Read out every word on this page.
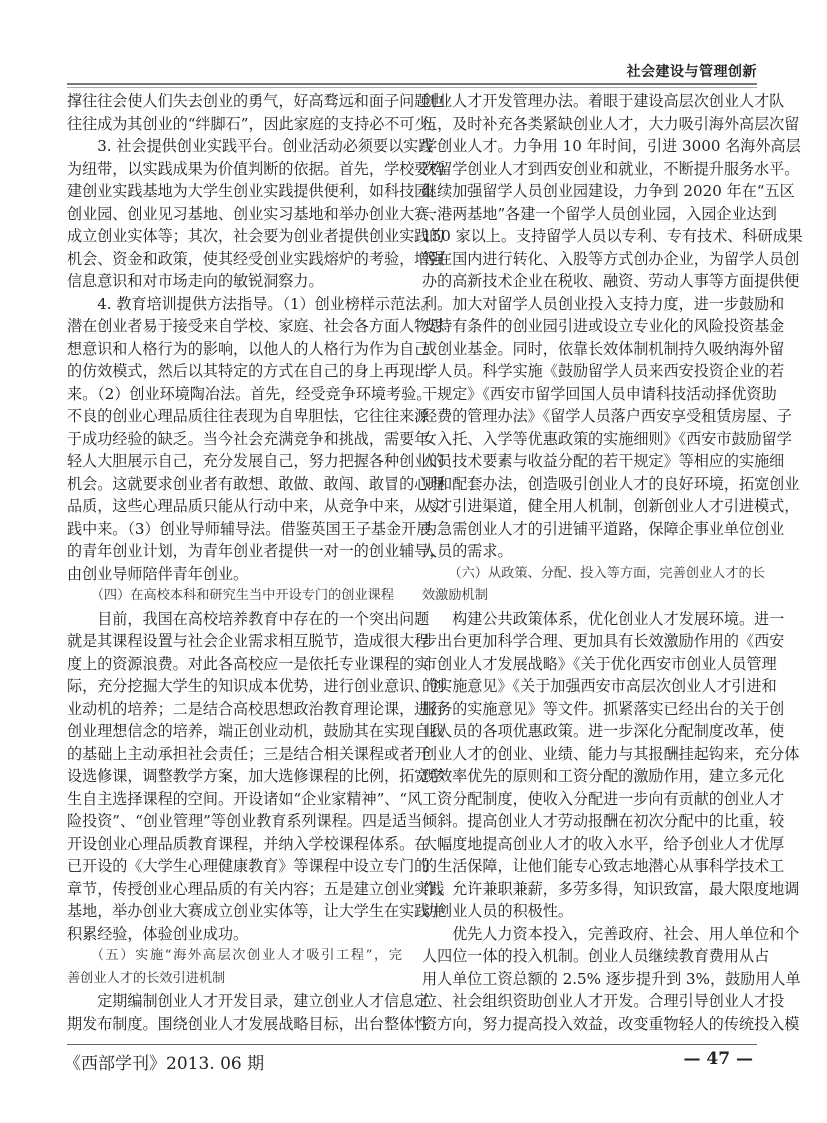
社会建设与管理创新
撑往往会使人们失去创业的勇气，好高骛远和面子问题也
往往成为其创业的“绊脚石”，因此家庭的支持必不可少。
3. 社会提供创业实践平台。创业活动必须要以实践
为纽带，以实践成果为价值判断的依据。首先，学校要构
建创业实践基地为大学生创业实践提供便利，如科技园、
创业园、创业见习基地、创业实习基地和举办创业大赛、
成立创业实体等；其次，社会要为创业者提供创业实践的
机会、资金和政策，使其经受创业实践熔炉的考验，增强
信息意识和对市场走向的敏锐洞察力。
4. 教育培训提供方法指导。（1）创业榜样示范法。
潜在创业者易于接受来自学校、家庭、社会各方面人物思
想意识和人格行为的影响，以他人的人格行为作为自己
的仿效模式，然后以其特定的方式在自己的身上再现出
来。（2）创业环境陶冶法。首先，经受竞争环境考验。
不良的创业心理品质往往表现为自卑胆怯，它往往来源
于成功经验的缺乏。当今社会充满竞争和挑战，需要年
轻人大胆展示自己，充分发展自己，努力把握各种创业的
机会。这就要求创业者有敢想、敢做、敢闯、敢冒的心理
品质，这些心理品质只能从行动中来，从竞争中来，从实
践中来。（3）创业导师辅导法。借鉴英国王子基金开展
的青年创业计划，为青年创业者提供一对一的创业辅导，
由创业导师陪伴青年创业。
（四）在高校本科和研究生当中开设专门的创业课程
目前，我国在高校培养教育中存在的一个突出问题
就是其课程设置与社会企业需求相互脱节，造成很大程
度上的资源浪费。对此各高校应一是依托专业课程的实
际，充分挖掘大学生的知识成本优势，进行创业意识、创
业动机的培养；二是结合高校思想政治教育理论课，进行
创业理想信念的培养，端正创业动机，鼓励其在实现自我
的基础上主动承担社会责任；三是结合相关课程或者开
设选修课，调整教学方案，加大选修课程的比例，拓宽学
生自主选择课程的空间。开设诸如“企业家精神”、“风
险投资”、“创业管理”等创业教育系列课程。四是适当
开设创业心理品质教育课程，并纳入学校课程体系。在
已开设的《大学生心理健康教育》等课程中设立专门的
章节，传授创业心理品质的有关内容；五是建立创业实践
基地，举办创业大赛成立创业实体等，让大学生在实践中
积累经验，体验创业成功。
（五）实施“海外高层次创业人才吸引工程”，完
善创业人才的长效引进机制
定期编制创业人才开发目录，建立创业人才信息定
期发布制度。围绕创业人才发展战略目标，出台整体性
创业人才开发管理办法。着眼于建设高层次创业人才队
伍，及时补充各类紧缺创业人才，大力吸引海外高层次留
学创业人才。力争用 10 年时间，引进 3000 名海外高层
次留学创业人才到西安创业和就业，不断提升服务水平。
继续加强留学人员创业园建设，力争到 2020 年在“五区
一港两基地”各建一个留学人员创业园，入园企业达到
150 家以上。支持留学人员以专利、专有技术、科研成果
等在国内进行转化、入股等方式创办企业，为留学人员创
办的高新技术企业在税收、融资、劳动人事等方面提供便
利。加大对留学人员创业投入支持力度，进一步鼓励和
支持有条件的创业园引进或设立专业化的风险投资基金
或创业基金。同时，依靠长效体制机制持久吸纳海外留
学人员。科学实施《鼓励留学人员来西安投资企业的若
干规定》《西安市留学回国人员申请科技活动择优资助
经费的管理办法》《留学人员落户西安享受租赁房屋、子
女入托、入学等优惠政策的实施细则》《西安市鼓励留学
人员技术要素与收益分配的若干规定》等相应的实施细
则和配套办法，创造吸引创业人才的良好环境，拓宽创业
人才引进渠道，健全用人机制，创新创业人才引进模式，
为急需创业人才的引进铺平道路，保障企事业单位创业
人员的需求。
（六）从政策、分配、投入等方面，完善创业人才的长
效激励机制
构建公共政策体系，优化创业人才发展环境。进一
步出台更加科学合理、更加具有长效激励作用的《西安
市创业人才发展战略》《关于优化西安市创业人员管理
的实施意见》《关于加强西安市高层次创业人才引进和
服务的实施意见》等文件。抓紧落实已经出台的关于创
业人员的各项优惠政策。进一步深化分配制度改革，使
创业人才的创业、业绩、能力与其报酬挂起钩来，充分体
现效率优先的原则和工资分配的激励作用，建立多元化
工资分配制度，使收入分配进一步向有贡献的创业人才
倾斜。提高创业人才劳动报酬在初次分配中的比重，较
大幅度地提高创业人才的收入水平，给予创业人才优厚
的生活保障，让他们能专心致志地潜心从事科学技术工
作。允许兼职兼薪，多劳多得，知识致富，最大限度地调
动创业人员的积极性。
优先人力资本投入，完善政府、社会、用人单位和个
人四位一体的投入机制。创业人员继续教育费用从占
用人单位工资总额的 2.5% 逐步提升到 3%，鼓励用人单
位、社会组织资助创业人才开发。合理引导创业人才投
资方向，努力提高投入效益，改变重物轻人的传统投入模
《西部学刊》2013. 06 期	— 47 —
